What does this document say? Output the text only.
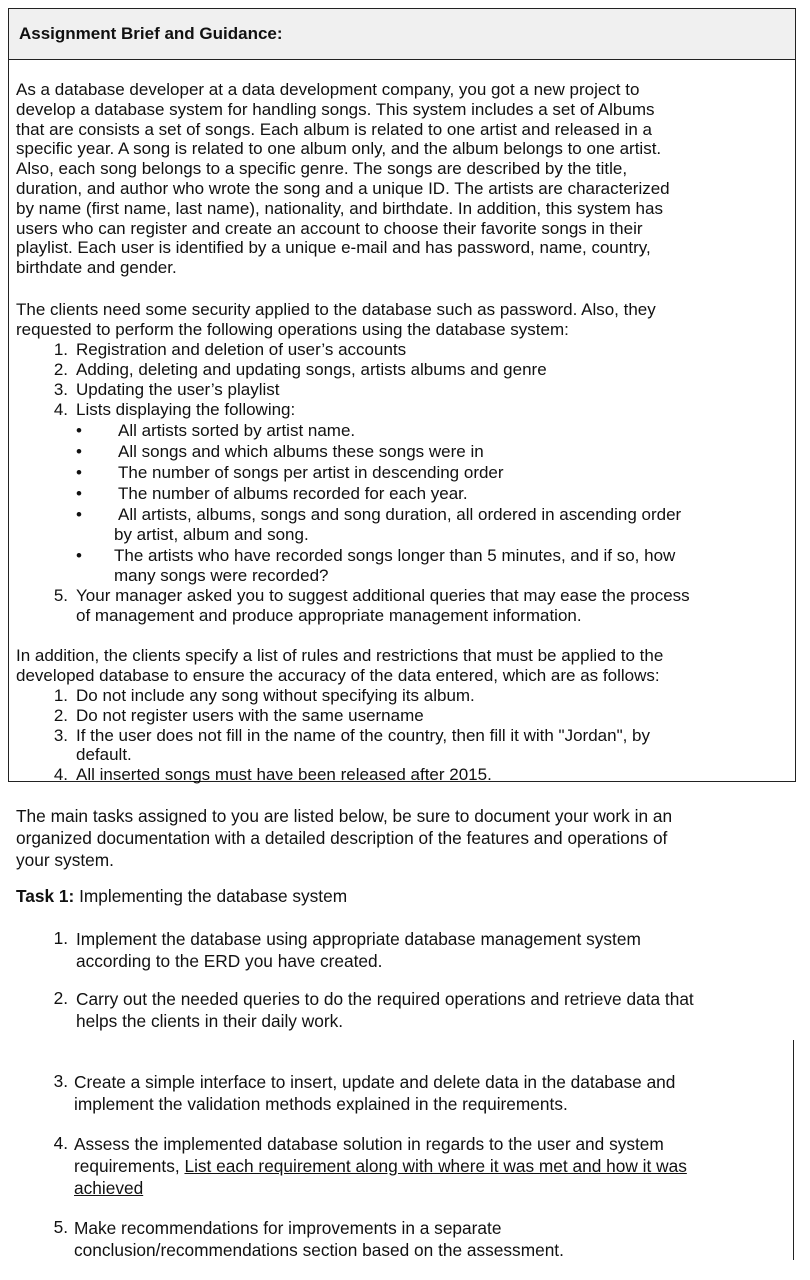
Assignment Brief and Guidance:
As a database developer at a data development company, you got a new project to
develop a database system for handling songs. This system includes a set of Albums
that are consists a set of songs. Each album is related to one artist and released in a
specific year. A song is related to one album only, and the album belongs to one artist.
Also, each song belongs to a specific genre. The songs are described by the title,
duration, and author who wrote the song and a unique ID. The artists are characterized
by name (first name, last name), nationality, and birthdate. In addition, this system has
users who can register and create an account to choose their favorite songs in their
playlist. Each user is identified by a unique e-mail and has password, name, country,
birthdate and gender.
The clients need some security applied to the database such as password. Also, they
requested to perform the following operations using the database system:
1. Registration and deletion of user’s accounts
2. Adding, deleting and updating songs, artists albums and genre
3. Updating the user’s playlist
4. Lists displaying the following:
• All artists sorted by artist name.
• All songs and which albums these songs were in
• The number of songs per artist in descending order
• The number of albums recorded for each year.
• All artists, albums, songs and song duration, all ordered in ascending order
by artist, album and song.
• The artists who have recorded songs longer than 5 minutes, and if so, how
many songs were recorded?
5. Your manager asked you to suggest additional queries that may ease the process
of management and produce appropriate management information.
In addition, the clients specify a list of rules and restrictions that must be applied to the
developed database to ensure the accuracy of the data entered, which are as follows:
1. Do not include any song without specifying its album.
2. Do not register users with the same username
3. If the user does not fill in the name of the country, then fill it with "Jordan", by
default.
4. All inserted songs must have been released after 2015.
The main tasks assigned to you are listed below, be sure to document your work in an
organized documentation with a detailed description of the features and operations of
your system.
Task 1: Implementing the database system
1. Implement the database using appropriate database management system
according to the ERD you have created.
2. Carry out the needed queries to do the required operations and retrieve data that
helps the clients in their daily work.
3. Create a simple interface to insert, update and delete data in the database and
implement the validation methods explained in the requirements.
4. Assess the implemented database solution in regards to the user and system
requirements, List each requirement along with where it was met and how it was
achieved
5. Make recommendations for improvements in a separate
conclusion/recommendations section based on the assessment.
